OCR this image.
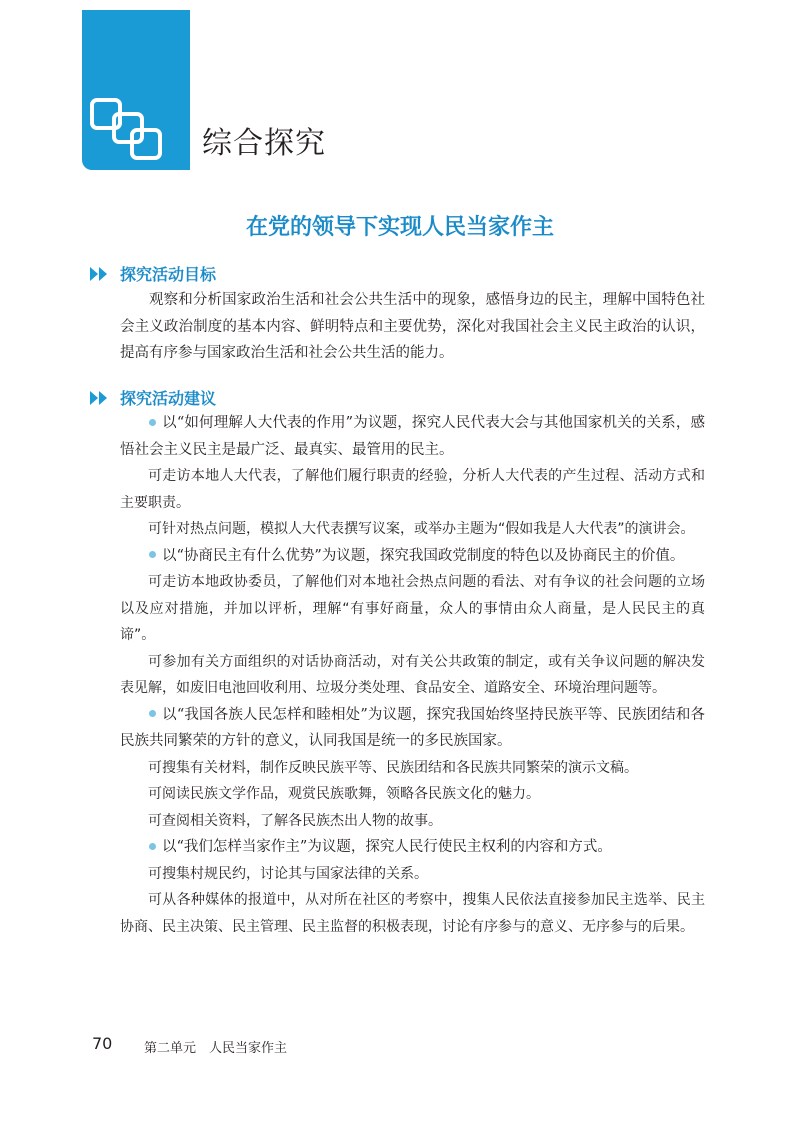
综合探究
在党的领导下实现人民当家作主
探究活动目标

观察和分析国家政治生活和社会公共生活中的现象，感悟身边的民主，理解中国特色社会主义政治制度的基本内容、鲜明特点和主要优势，深化对我国社会主义民主政治的认识，提高有序参与国家政治生活和社会公共生活的能力。

探究活动建议

以“如何理解人大代表的作用”为议题，探究人民代表大会与其他国家机关的关系，感悟社会主义民主是最广泛、最真实、最管用的民主。

可走访本地人大代表，了解他们履行职责的经验，分析人大代表的产生过程、活动方式和主要职责。

可针对热点问题，模拟人大代表撰写议案，或举办主题为“假如我是人大代表”的演讲会。

以“协商民主有什么优势”为议题，探究我国政党制度的特色以及协商民主的价值。

可走访本地政协委员，了解他们对本地社会热点问题的看法、对有争议的社会问题的立场以及应对措施，并加以评析，理解“有事好商量，众人的事情由众人商量，是人民民主的真谛”。

可参加有关方面组织的对话协商活动，对有关公共政策的制定，或有关争议问题的解决发表见解，如废旧电池回收利用、垃圾分类处理、食品安全、道路安全、环境治理问题等。

以“我国各族人民怎样和睦相处”为议题，探究我国始终坚持民族平等、民族团结和各民族共同繁荣的方针的意义，认同我国是统一的多民族国家。

可搜集有关材料，制作反映民族平等、民族团结和各民族共同繁荣的演示文稿。

可阅读民族文学作品，观赏民族歌舞，领略各民族文化的魅力。

可查阅相关资料，了解各民族杰出人物的故事。

以“我们怎样当家作主”为议题，探究人民行使民主权利的内容和方式。

可搜集村规民约，讨论其与国家法律的关系。

可从各种媒体的报道中，从对所在社区的考察中，搜集人民依法直接参加民主选举、民主协商、民主决策、民主管理、民主监督的积极表现，讨论有序参与的意义、无序参与的后果。

70 第二单元　人民当家作主
